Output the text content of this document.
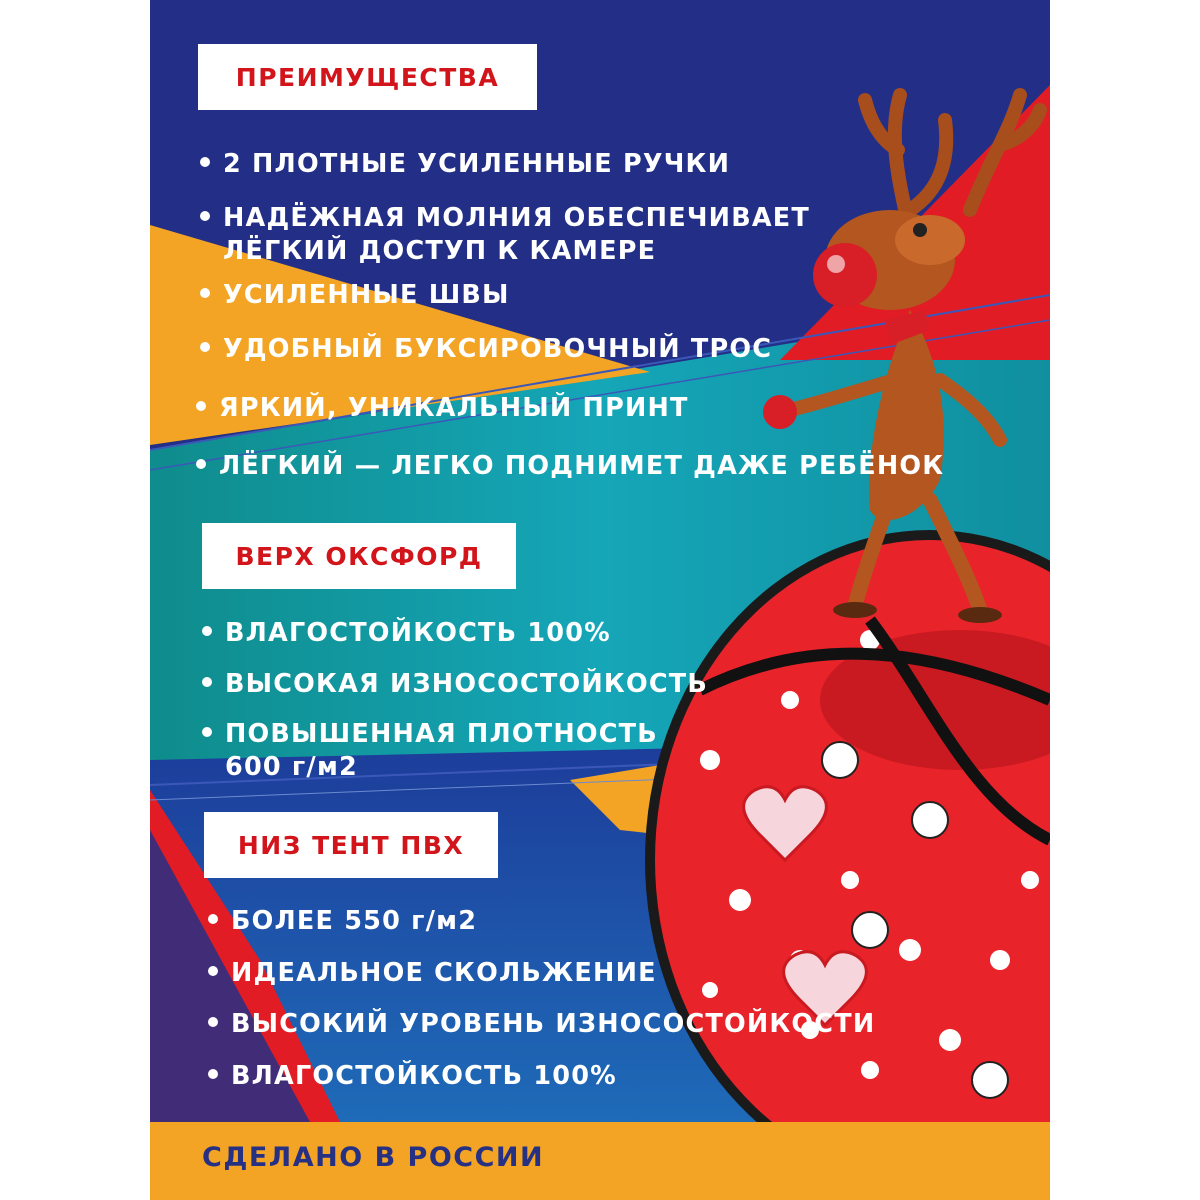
ПРЕИМУЩЕСТВА
2 ПЛОТНЫЕ УСИЛЕННЫЕ РУЧКИ
НАДЁЖНАЯ МОЛНИЯ ОБЕСПЕЧИВАЕТ
ЛЁГКИЙ ДОСТУП К КАМЕРЕ
УСИЛЕННЫЕ ШВЫ
УДОБНЫЙ БУКСИРОВОЧНЫЙ ТРОС
ЯРКИЙ, УНИКАЛЬНЫЙ ПРИНТ
ЛЁГКИЙ — ЛЕГКО ПОДНИМЕТ ДАЖЕ РЕБЁНОК
ВЕРХ ОКСФОРД
ВЛАГОСТОЙКОСТЬ 100%
ВЫСОКАЯ ИЗНОСОСТОЙКОСТЬ
ПОВЫШЕННАЯ ПЛОТНОСТЬ
600 г/м2
НИЗ ТЕНТ ПВХ
БОЛЕЕ 550 г/м2
ИДЕАЛЬНОЕ СКОЛЬЖЕНИЕ
ВЫСОКИЙ УРОВЕНЬ ИЗНОСОСТОЙКОСТИ
ВЛАГОСТОЙКОСТЬ 100%
СДЕЛАНО В РОССИИ
